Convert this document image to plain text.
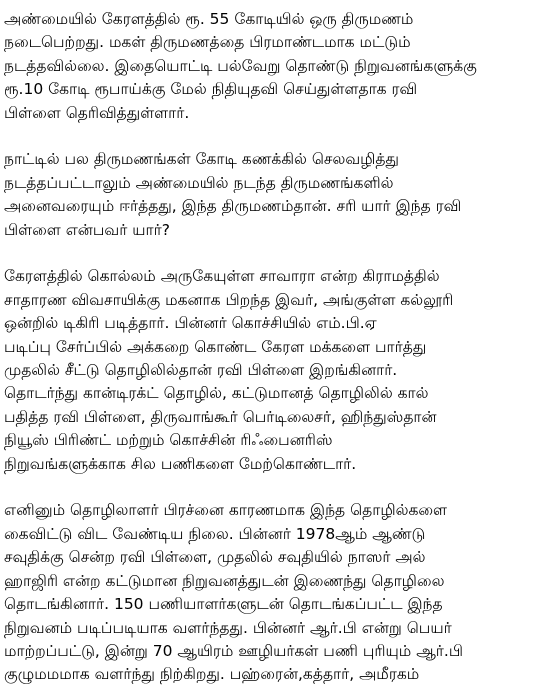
அண்மையில் கேரளத்தில் ரூ. 55 கோடியில் ஒரு திருமணம்
நடைபெற்றது. மகள் திருமணத்தை பிரமாண்டமாக மட்டும்
நடத்தவில்லை. இதையொட்டி பல்வேறு தொண்டு நிறுவனங்களுக்கு
ரூ.10 கோடி ரூபாய்க்கு மேல் நிதியுதவி செய்துள்ளதாக ரவி
பிள்ளை தெரிவித்துள்ளார்.

நாட்டில் பல திருமணங்கள் கோடி கணக்கில் செலவழித்து
நடத்தப்பட்டாலும் அண்மையில் நடந்த திருமணங்களில்
அனைவரையும் ஈர்த்தது, இந்த திருமணம்தான். சரி யார் இந்த ரவி
பிள்ளை என்பவர் யார்?

கேரளத்தில் கொல்லம் அருகேயுள்ள சாவாரா என்ற கிராமத்தில்
சாதாரண விவசாயிக்கு மகனாக பிறந்த இவர், அங்குள்ள கல்லூரி
ஒன்றில் டிகிரி படித்தார். பின்னர் கொச்சியில் எம்.பி.ஏ
படிப்பு சேர்ப்பில் அக்கறை கொண்ட கேரள மக்களை பார்த்து
முதலில் சீட்டு தொழிலில்தான் ரவி பிள்ளை இறங்கினார்.
தொடர்ந்து கான்டிரக்ட் தொழில், கட்டுமானத் தொழிலில் கால்
பதித்த ரவி பிள்ளை, திருவாங்கூர் பெர்டிலைசர், ஹிந்துஸ்தான்
நியூஸ் பிரிண்ட் மற்றும் கொச்சின் ரிஃபைனரிஸ்
நிறுவங்களுக்காக சில பணிகளை மேற்கொண்டார்.

எனினும் தொழிலாளர் பிரச்னை காரணமாக இந்த தொழில்களை
கைவிட்டு விட வேண்டிய நிலை. பின்னர் 1978ஆம் ஆண்டு
சவுதிக்கு சென்ற ரவி பிள்ளை, முதலில் சவுதியில் நாஸர் அல்
ஹாஜிரி என்ற கட்டுமான நிறுவனத்துடன் இணைந்து தொழிலை
தொடங்கினார். 150 பணியாளர்களுடன் தொடங்கப்பட்ட இந்த
நிறுவனம் படிப்படியாக வளர்ந்தது. பின்னர் ஆர்.பி என்று பெயர்
மாற்றப்பட்டு, இன்று 70 ஆயிரம் ஊழியர்கள் பணி புரியும் ஆர்.பி
குழுமமமாக வளர்ந்து நிற்கிறது. பஹ்ரைன்,கத்தார், அமீரகம்
